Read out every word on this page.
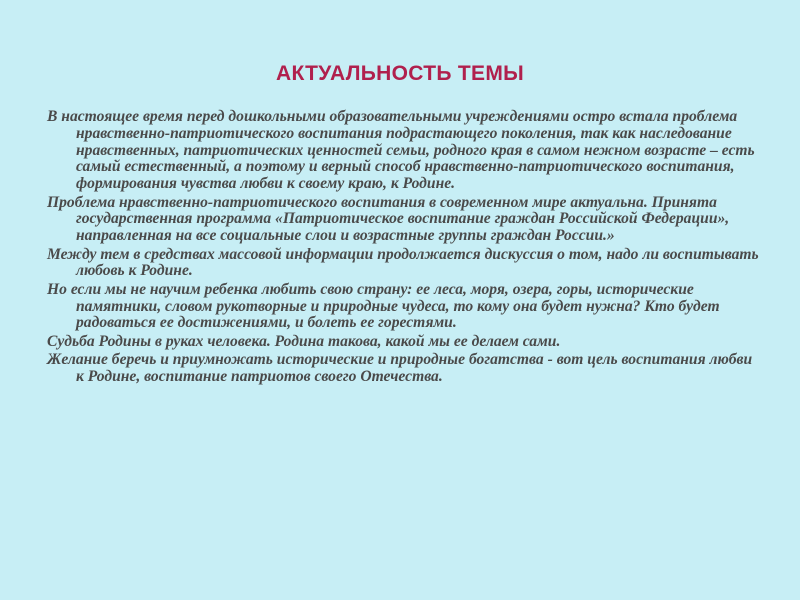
АКТУАЛЬНОСТЬ ТЕМЫ

В настоящее время перед дошкольными образовательными учреждениями остро встала проблема нравственно-патриотического воспитания подрастающего поколения, так как наследование нравственных, патриотических ценностей семьи, родного края в самом нежном возрасте – есть самый естественный, а поэтому и верный способ нравственно-патриотического воспитания, формирования чувства любви к своему краю, к Родине.

Проблема нравственно-патриотического воспитания в современном мире актуальна. Принята государственная программа «Патриотическое воспитание граждан Российской Федерации», направленная на все социальные слои и возрастные группы граждан России.»

Между тем в средствах массовой информации продолжается дискуссия о том, надо ли воспитывать любовь к Родине.

Но если мы не научим ребенка любить свою страну: ее леса, моря, озера, горы, исторические памятники, словом рукотворные и природные чудеса, то кому она будет нужна? Кто будет радоваться ее достижениями, и болеть ее горестями.

Судьба Родины в руках человека. Родина такова, какой мы ее делаем сами.

Желание беречь и приумножать исторические и природные богатства - вот цель воспитания любви к Родине, воспитание патриотов своего Отечества.
